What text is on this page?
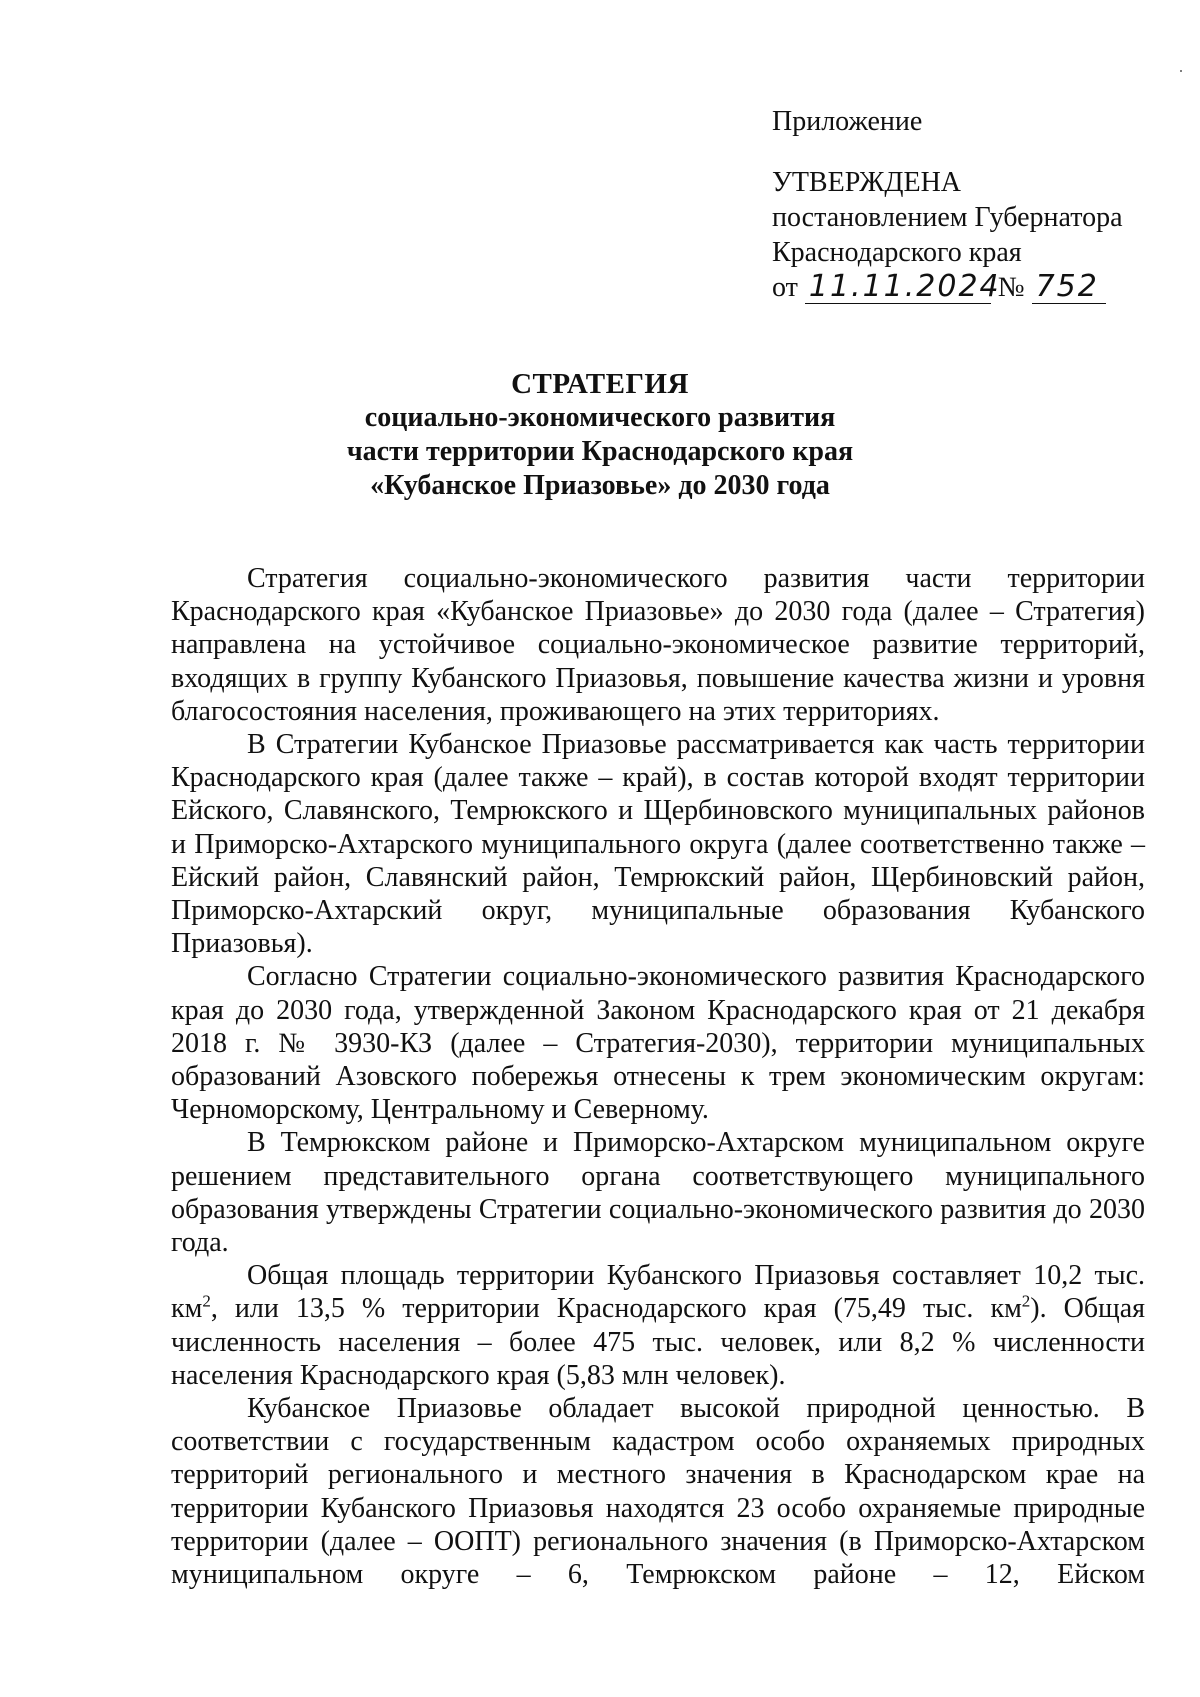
Приложение
УТВЕРЖДЕНА
постановлением Губернатора
Краснодарского края
от 11.11.2024 № 752
СТРАТЕГИЯ
социально-экономического развития
части территории Краснодарского края
«Кубанское Приазовье» до 2030 года

Стратегия социально-экономического развития части территории Краснодарского края «Кубанское Приазовье» до 2030 года (далее – Стратегия) направлена на устойчивое социально-экономическое развитие территорий, входящих в группу Кубанского Приазовья, повышение качества жизни и уровня благосостояния населения, проживающего на этих территориях.

В Стратегии Кубанское Приазовье рассматривается как часть территории Краснодарского края (далее также – край), в состав которой входят территории Ейского, Славянского, Темрюкского и Щербиновского муниципальных районов и Приморско-Ахтарского муниципального округа (далее соответственно также – Ейский район, Славянский район, Темрюкский район, Щербиновский район, Приморско-Ахтарский округ, муниципальные образования Кубанского Приазовья).

Согласно Стратегии социально-экономического развития Краснодарского края до 2030 года, утвержденной Законом Краснодарского края от 21 декабря 2018 г. № 3930-КЗ (далее – Стратегия-2030), территории муниципальных образований Азовского побережья отнесены к трем экономическим округам: Черноморскому, Центральному и Северному.

В Темрюкском районе и Приморско-Ахтарском муниципальном округе решением представительного органа соответствующего муниципального образования утверждены Стратегии социально-экономического развития до 2030 года.

Общая площадь территории Кубанского Приазовья составляет 10,2 тыс. $км^2$, или 13,5 % территории Краснодарского края (75,49 тыс. $км^2$). Общая численность населения – более 475 тыс. человек, или 8,2 % численности населения Краснодарского края (5,83 млн человек).

Кубанское Приазовье обладает высокой природной ценностью. В соответствии с государственным кадастром особо охраняемых природных территорий регионального и местного значения в Краснодарском крае на территории Кубанского Приазовья находятся 23 особо охраняемые природные территории (далее – ООПТ) регионального значения (в Приморско-Ахтарском муниципальном округе – 6, Темрюкском районе – 12, Ейском
